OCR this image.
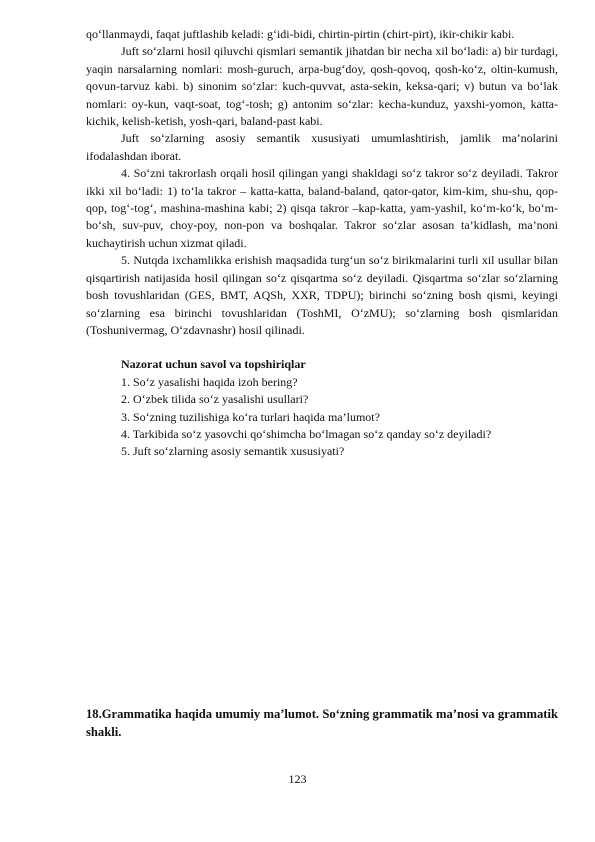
qo‘llanmaydi, faqat juftlashib keladi: g‘idi-bidi, chirtin-pirtin (chirt-pirt), ikir-chikir kabi.

Juft so‘zlarni hosil qiluvchi qismlari semantik jihatdan bir necha xil bo‘ladi: a) bir turdagi, yaqin narsalarning nomlari: mosh-guruch, arpa-bug‘doy, qosh-qovoq, qosh-ko‘z, oltin-kumush, qovun-tarvuz kabi. b) sinonim so‘zlar: kuch-quvvat, asta-sekin, keksa-qari; v) butun va bo‘lak nomlari: oy-kun, vaqt-soat, tog‘-tosh; g) antonim so‘zlar: kecha-kunduz, yaxshi-yomon, katta-kichik, kelish-ketish, yosh-qari, baland-past kabi.

Juft so‘zlarning asosiy semantik xususiyati umumlashtirish, jamlik ma’nolarini ifodalashdan iborat.

4. So‘zni takrorlash orqali hosil qilingan yangi shakldagi so‘z takror so‘z deyiladi. Takror ikki xil bo‘ladi: 1) to‘la takror – katta-katta, baland-baland, qator-qator, kim-kim, shu-shu, qop-qop, tog‘-tog‘, mashina-mashina kabi; 2) qisqa takror –kap-katta, yam-yashil, ko‘m-ko‘k, bo‘m-bo‘sh, suv-puv, choy-poy, non-pon va boshqalar. Takror so‘zlar asosan ta’kidlash, ma’noni kuchaytirish uchun xizmat qiladi.

5. Nutqda ixchamlikka erishish maqsadida turg‘un so‘z birikmalarini turli xil usullar bilan qisqartirish natijasida hosil qilingan so‘z qisqartma so‘z deyiladi. Qisqartma so‘zlar so‘zlarning bosh tovushlaridan (GES, BMT, AQSh, XXR, TDPU); birinchi so‘zning bosh qismi, keyingi so‘zlarning esa birinchi tovushlaridan (ToshMI, O‘zMU); so‘zlarning bosh qismlaridan (Toshunivermag, O‘zdavnashr) hosil qilinadi.

Nazorat uchun savol va topshiriqlar

1. So‘z yasalishi haqida izoh bering?

2. O‘zbek tilida so‘z yasalishi usullari?

3. So‘zning tuzilishiga ko‘ra turlari haqida ma’lumot?

4. Tarkibida so‘z yasovchi qo‘shimcha bo‘lmagan so‘z qanday so‘z deyiladi?

5. Juft so‘zlarning asosiy semantik xususiyati?

18.Grammatika haqida umumiy ma’lumot. So‘zning grammatik ma’nosi va grammatik shakli.
123
